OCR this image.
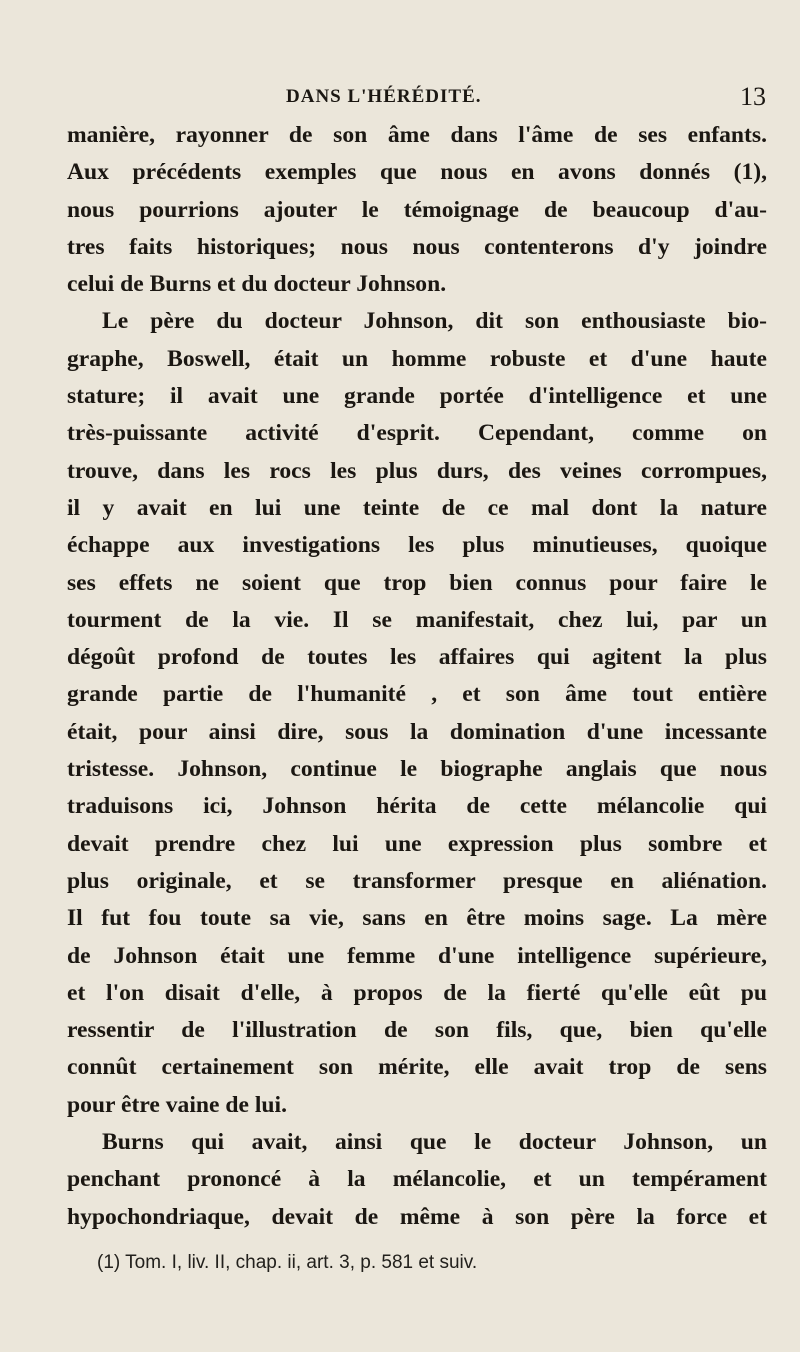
DANS L'HÉRÉDITÉ.	13
manière, rayonner de son âme dans l'âme de ses enfants.
Aux précédents exemples que nous en avons donnés (1),
nous pourrions ajouter le témoignage de beaucoup d'au-
tres faits historiques; nous nous contenterons d'y joindre
celui de Burns et du docteur Johnson.
Le père du docteur Johnson, dit son enthousiaste bio-
graphe, Boswell, était un homme robuste et d'une haute
stature; il avait une grande portée d'intelligence et une
très-puissante activité d'esprit. Cependant, comme on
trouve, dans les rocs les plus durs, des veines corrompues,
il y avait en lui une teinte de ce mal dont la nature
échappe aux investigations les plus minutieuses, quoique
ses effets ne soient que trop bien connus pour faire le
tourment de la vie. Il se manifestait, chez lui, par un
dégoût profond de toutes les affaires qui agitent la plus
grande partie de l'humanité , et son âme tout entière
était, pour ainsi dire, sous la domination d'une incessante
tristesse. Johnson, continue le biographe anglais que nous
traduisons ici, Johnson hérita de cette mélancolie qui
devait prendre chez lui une expression plus sombre et
plus originale, et se transformer presque en aliénation.
Il fut fou toute sa vie, sans en être moins sage. La mère
de Johnson était une femme d'une intelligence supérieure,
et l'on disait d'elle, à propos de la fierté qu'elle eût pu
ressentir de l'illustration de son fils, que, bien qu'elle
connût certainement son mérite, elle avait trop de sens
pour être vaine de lui.
Burns qui avait, ainsi que le docteur Johnson, un
penchant prononcé à la mélancolie, et un tempérament
hypochondriaque, devait de même à son père la force et
(1) Tom. I, liv. II, chap. ii, art. 3, p. 581 et suiv.
